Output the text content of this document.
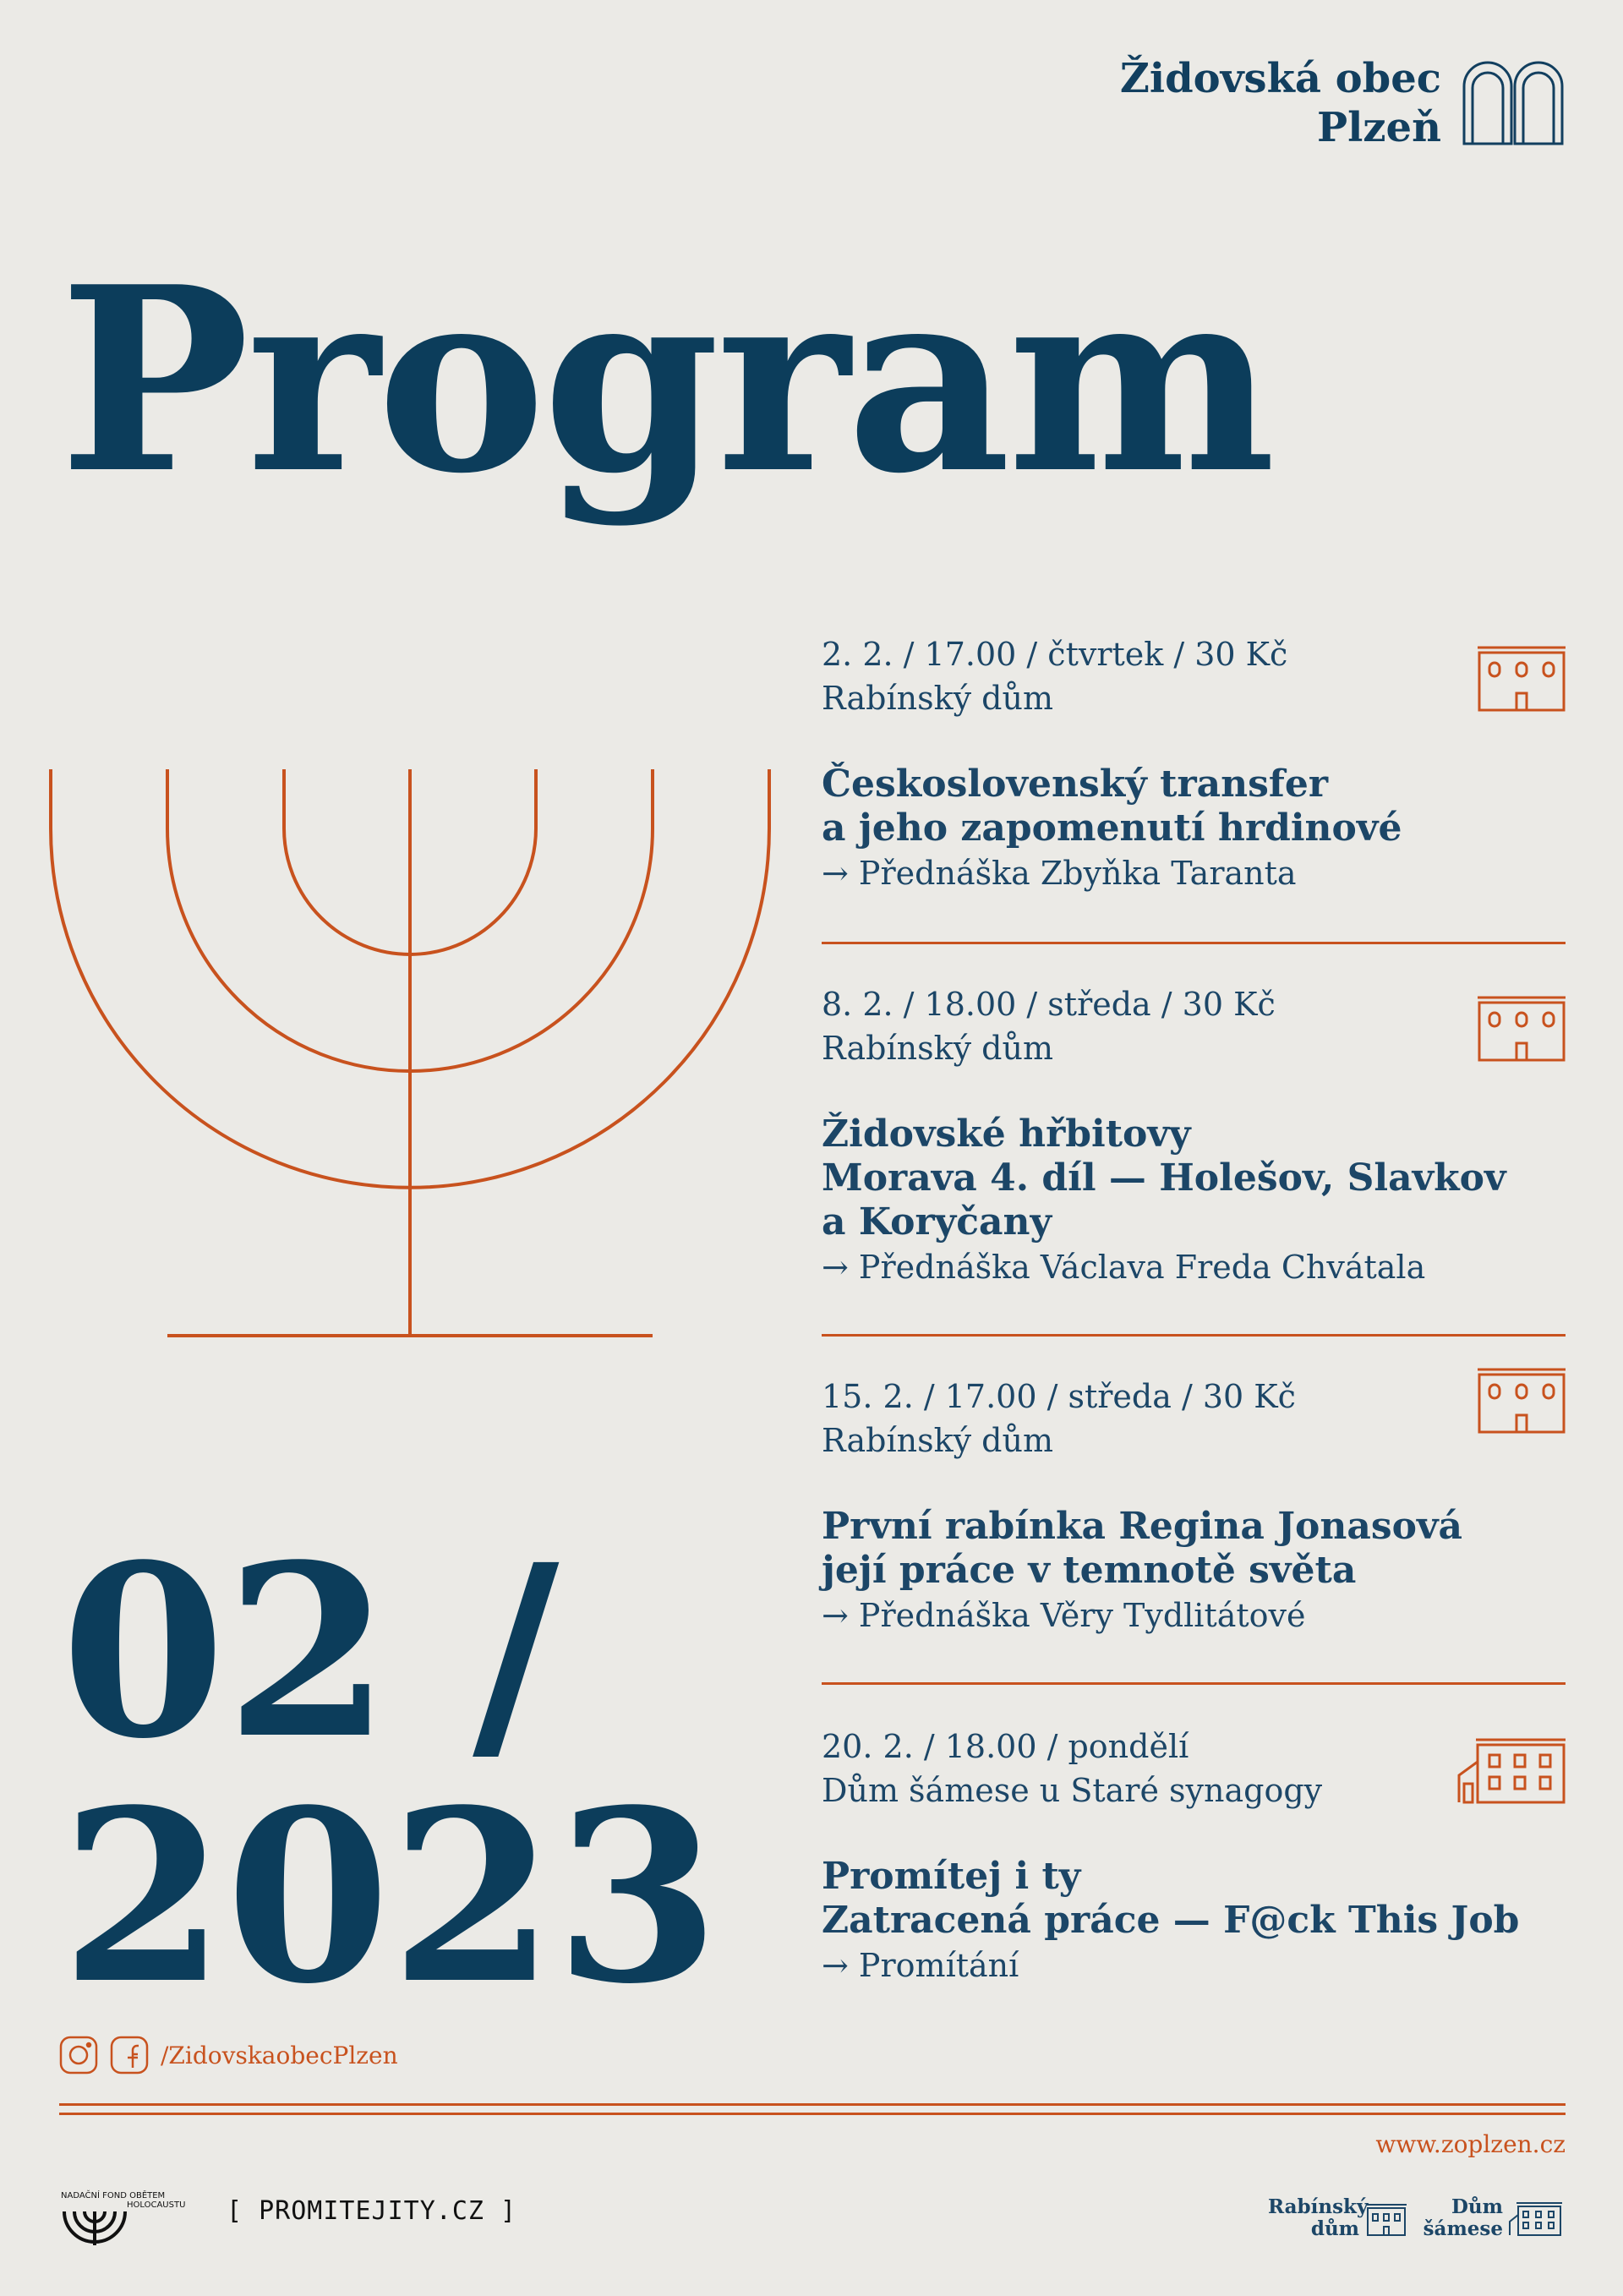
Židovská obec
Plzeň
Program
02 /
2023
2. 2. / 17.00 / čtvrtek / 30 Kč
Rabínský dům
Československý transfer
a jeho zapomenutí hrdinové
→ Přednáška Zbyňka Taranta
8. 2. / 18.00 / středa / 30 Kč
Rabínský dům
Židovské hřbitovy
Morava 4. díl — Holešov, Slavkov
a Koryčany
→ Přednáška Václava Freda Chvátala
15. 2. / 17.00 / středa / 30 Kč
Rabínský dům
První rabínka Regina Jonasová
její práce v temnotě světa
→ Přednáška Věry Tydlitátové
20. 2. / 18.00 / pondělí
Dům šámese u Staré synagogy
Promítej i ty
Zatracená práce — F@ck This Job
→ Promítání
/ZidovskaobecPlzen
www.zoplzen.cz
NADAČNÍ FOND OBĚTEM
HOLOCAUSTU [ PROMITEJITY.CZ ]	Rabínský
dům
Dům
šámese
